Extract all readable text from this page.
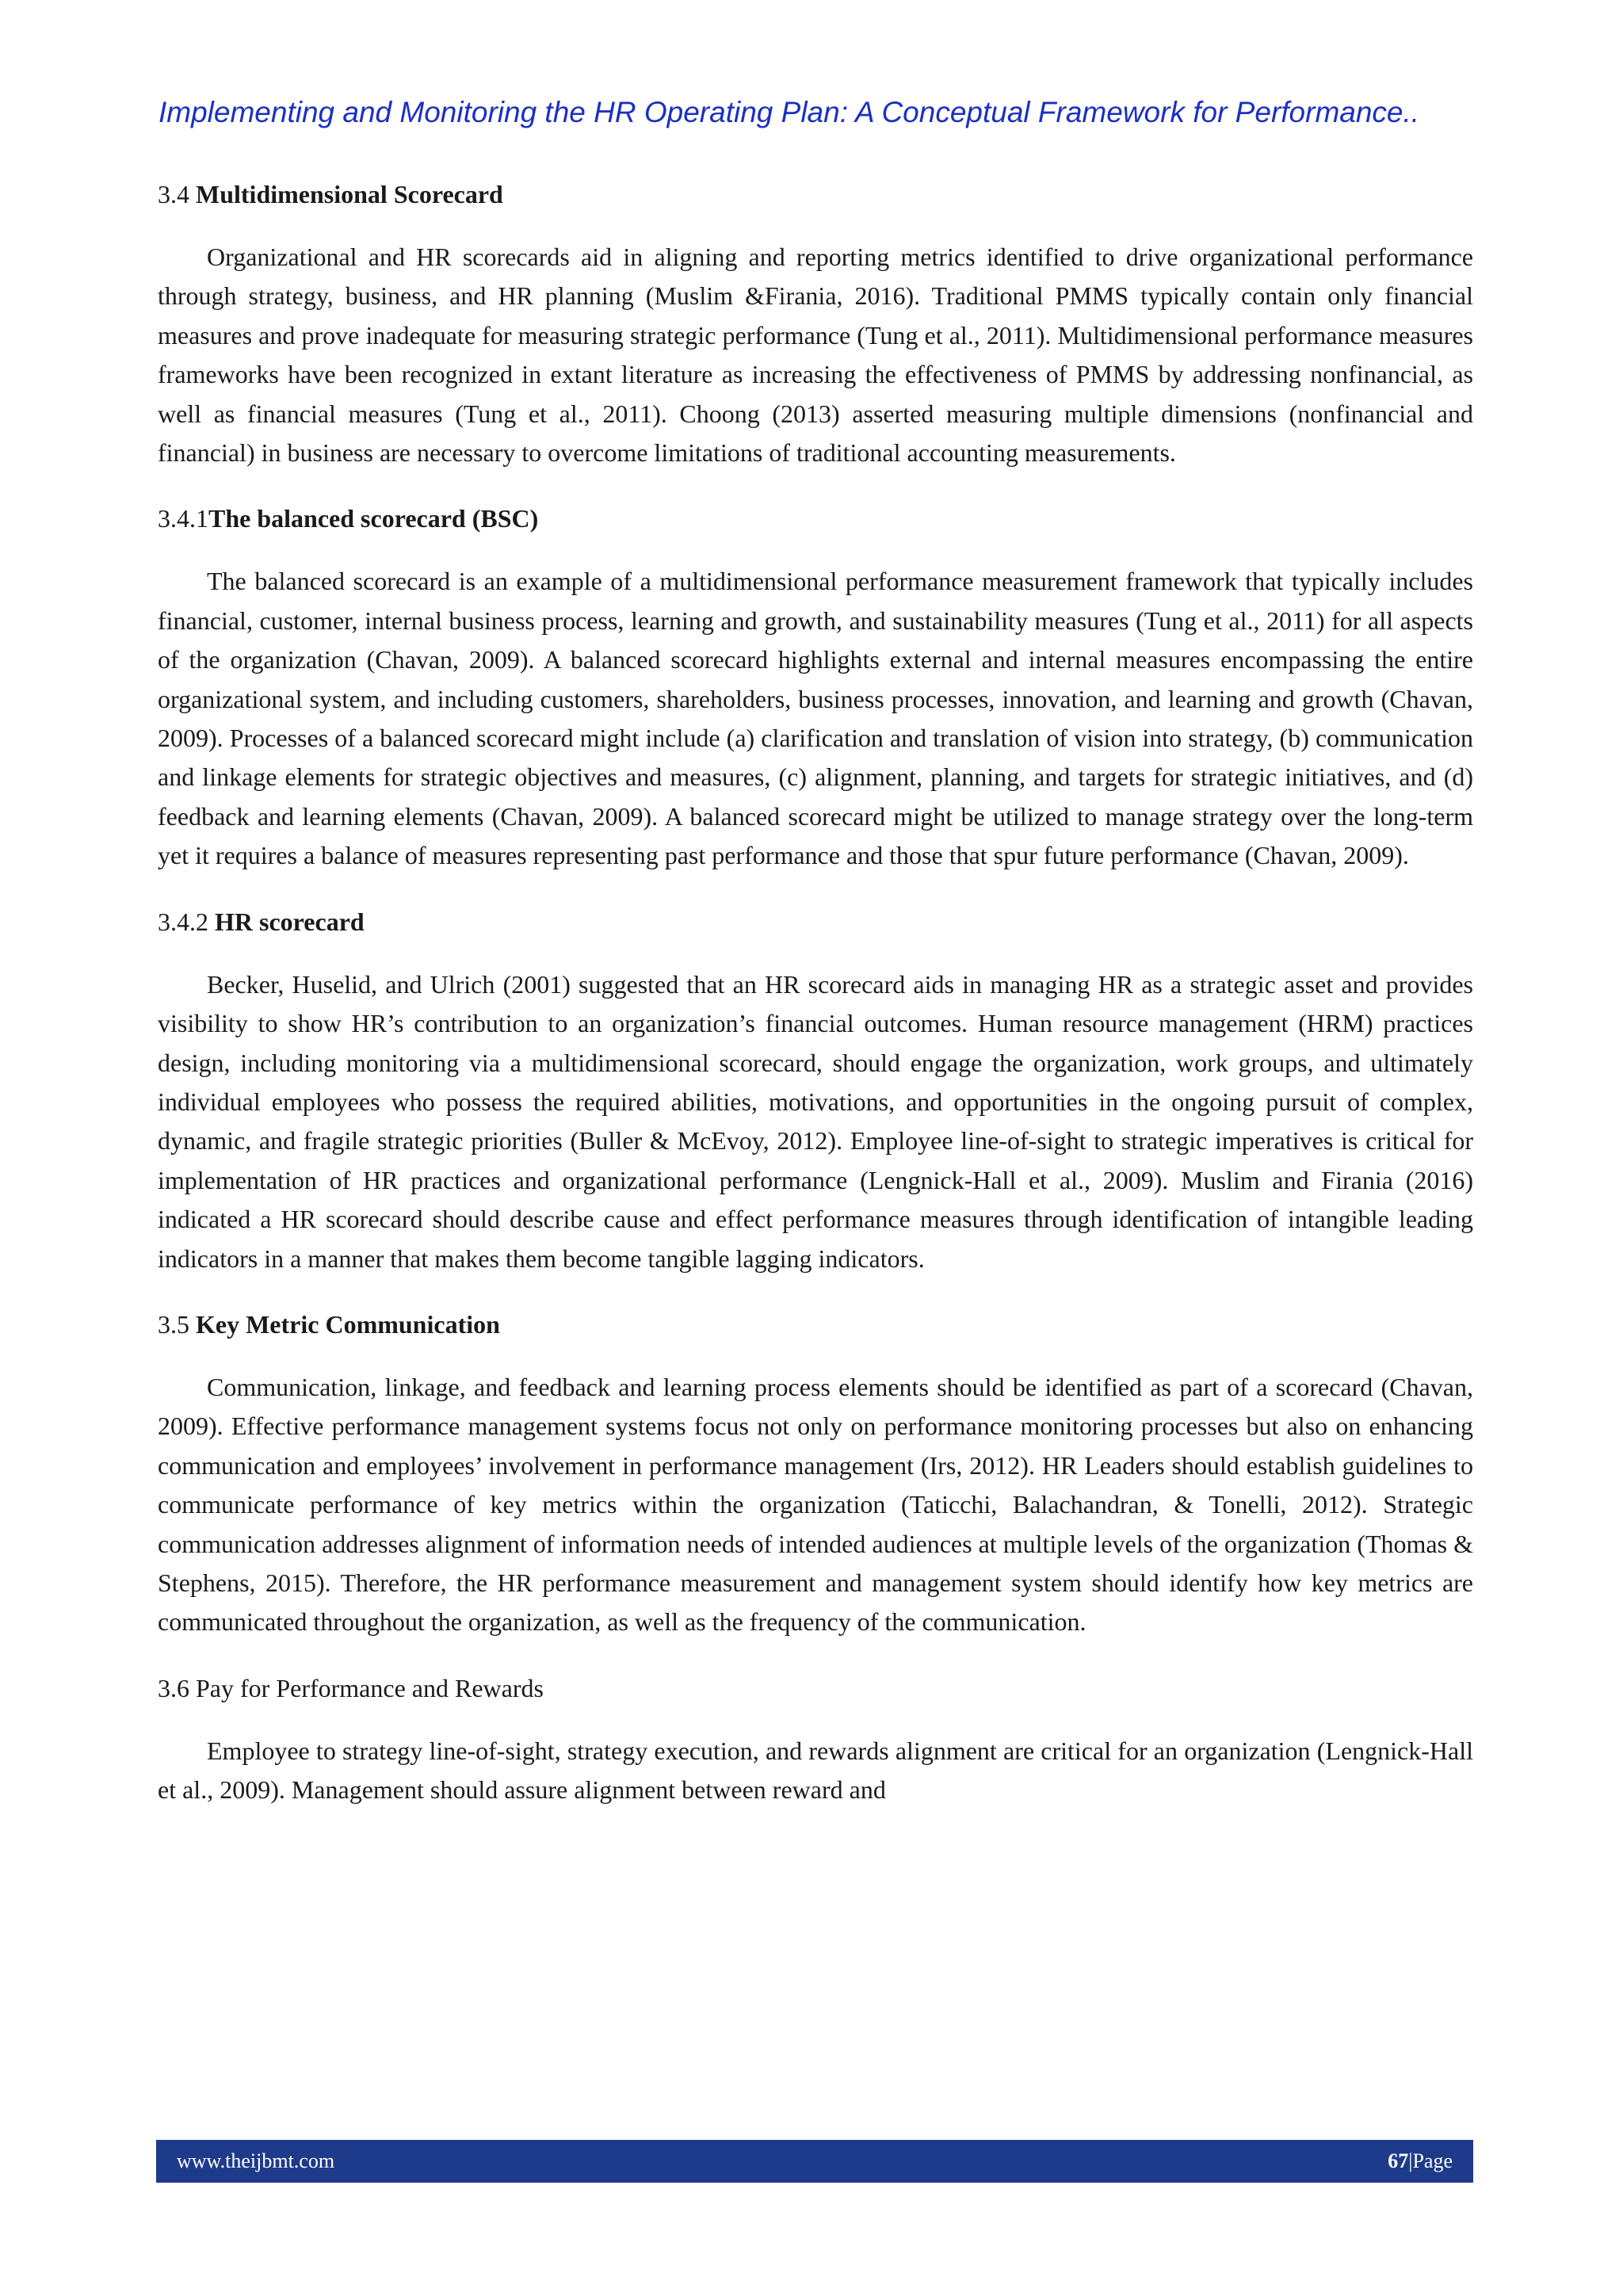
Implementing and Monitoring the HR Operating Plan: A Conceptual Framework for Performance..

3.4 Multidimensional Scorecard

Organizational and HR scorecards aid in aligning and reporting metrics identified to drive organizational performance through strategy, business, and HR planning (Muslim &Firania, 2016). Traditional PMMS typically contain only financial measures and prove inadequate for measuring strategic performance (Tung et al., 2011). Multidimensional performance measures frameworks have been recognized in extant literature as increasing the effectiveness of PMMS by addressing nonfinancial, as well as financial measures (Tung et al., 2011). Choong (2013) asserted measuring multiple dimensions (nonfinancial and financial) in business are necessary to overcome limitations of traditional accounting measurements.

3.4.1The balanced scorecard (BSC)

The balanced scorecard is an example of a multidimensional performance measurement framework that typically includes financial, customer, internal business process, learning and growth, and sustainability measures (Tung et al., 2011) for all aspects of the organization (Chavan, 2009). A balanced scorecard highlights external and internal measures encompassing the entire organizational system, and including customers, shareholders, business processes, innovation, and learning and growth (Chavan, 2009). Processes of a balanced scorecard might include (a) clarification and translation of vision into strategy, (b) communication and linkage elements for strategic objectives and measures, (c) alignment, planning, and targets for strategic initiatives, and (d) feedback and learning elements (Chavan, 2009). A balanced scorecard might be utilized to manage strategy over the long-term yet it requires a balance of measures representing past performance and those that spur future performance (Chavan, 2009).

3.4.2 HR scorecard

Becker, Huselid, and Ulrich (2001) suggested that an HR scorecard aids in managing HR as a strategic asset and provides visibility to show HR’s contribution to an organization’s financial outcomes. Human resource management (HRM) practices design, including monitoring via a multidimensional scorecard, should engage the organization, work groups, and ultimately individual employees who possess the required abilities, motivations, and opportunities in the ongoing pursuit of complex, dynamic, and fragile strategic priorities (Buller & McEvoy, 2012). Employee line-of-sight to strategic imperatives is critical for implementation of HR practices and organizational performance (Lengnick-Hall et al., 2009). Muslim and Firania (2016) indicated a HR scorecard should describe cause and effect performance measures through identification of intangible leading indicators in a manner that makes them become tangible lagging indicators.

3.5 Key Metric Communication

Communication, linkage, and feedback and learning process elements should be identified as part of a scorecard (Chavan, 2009). Effective performance management systems focus not only on performance monitoring processes but also on enhancing communication and employees’ involvement in performance management (Irs, 2012). HR Leaders should establish guidelines to communicate performance of key metrics within the organization (Taticchi, Balachandran, & Tonelli, 2012). Strategic communication addresses alignment of information needs of intended audiences at multiple levels of the organization (Thomas & Stephens, 2015). Therefore, the HR performance measurement and management system should identify how key metrics are communicated throughout the organization, as well as the frequency of the communication.

3.6 Pay for Performance and Rewards

Employee to strategy line-of-sight, strategy execution, and rewards alignment are critical for an organization (Lengnick-Hall et al., 2009). Management should assure alignment between reward and

www.theijbmt.com	67|Page
